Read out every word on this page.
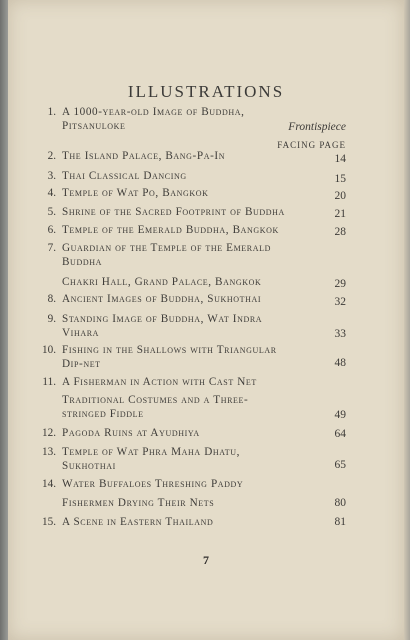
ILLUSTRATIONS
FACING PAGE
1. A 1000-year-old Image of Buddha,
Pitsanuloke	Frontispiece
2. The Island Palace, Bang-Pa-In	14
3. Thai Classical Dancing	15
4. Temple of Wat Po, Bangkok	20
5. Shrine of the Sacred Footprint of Buddha	21
6. Temple of the Emerald Buddha, Bangkok	28
7. Guardian of the Temple of the Emerald
Buddha
Chakri Hall, Grand Palace, Bangkok	29
8. Ancient Images of Buddha, Sukhothai	32
9. Standing Image of Buddha, Wat Indra
Vihara	33
10. Fishing in the Shallows with Triangular
Dip-net	48
11. A Fisherman in Action with Cast Net
Traditional Costumes and a Three-
stringed Fiddle	49
12. Pagoda Ruins at Ayudhiya	64
13. Temple of Wat Phra Maha Dhatu,
Sukhothai	65
14. Water Buffaloes Threshing Paddy
Fishermen Drying Their Nets	80
15. A Scene in Eastern Thailand	81
7
